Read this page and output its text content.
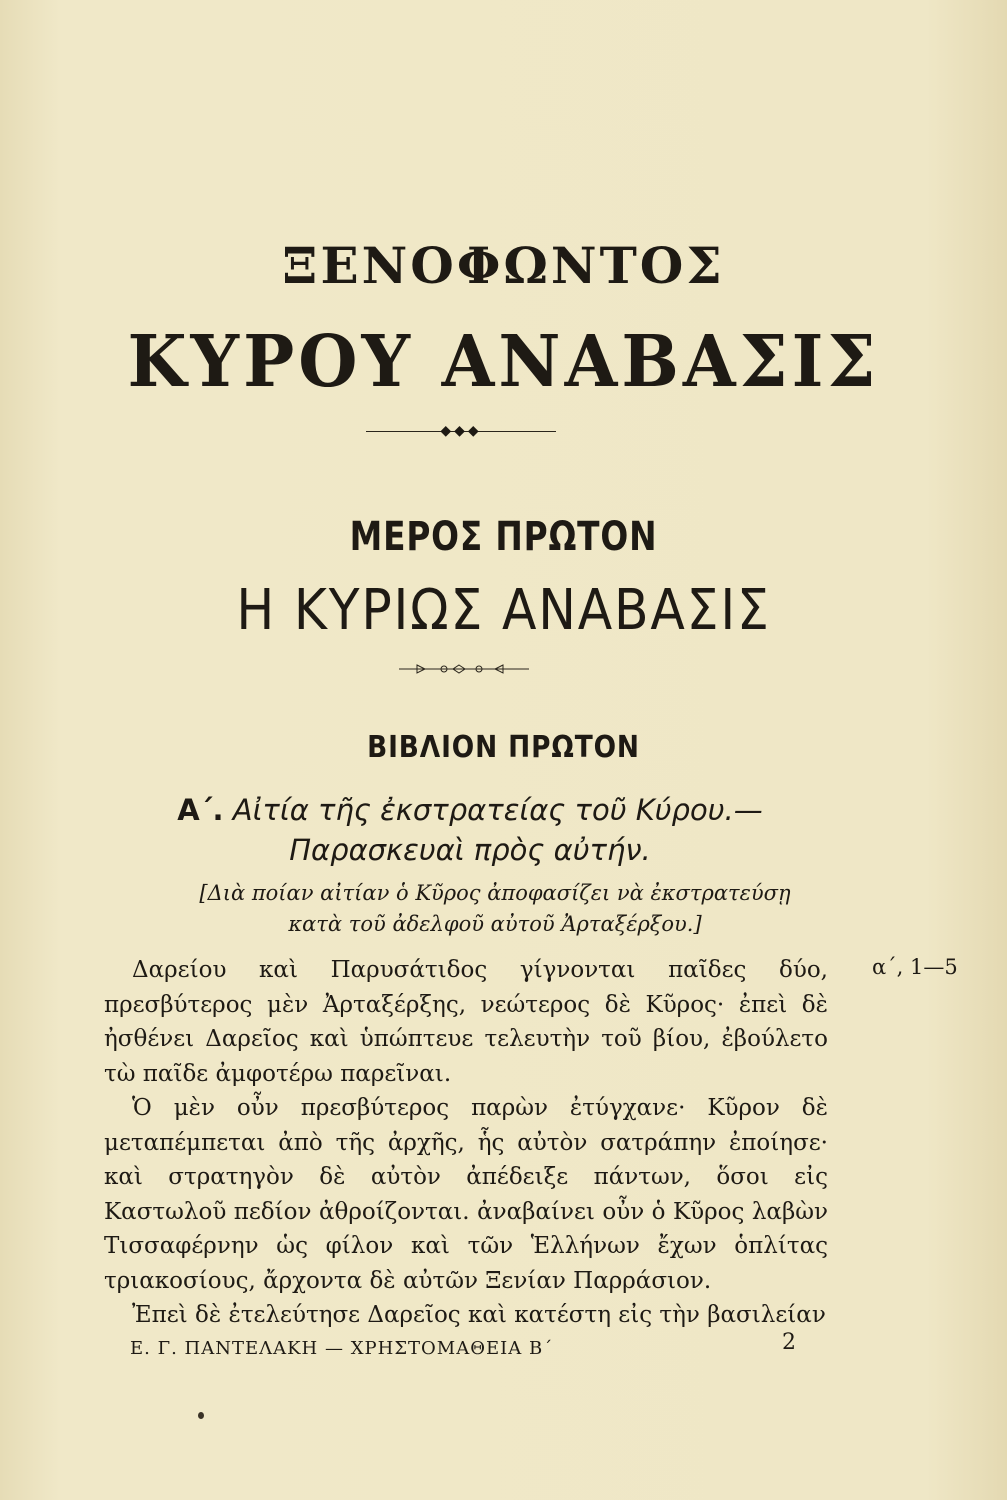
ΞΕΝΟΦΩΝΤΟΣ
ΚΥΡΟΥ ΑΝΑΒΑΣΙΣ
◆◆◆
ΜΕΡΟΣ ΠΡΩΤΟΝ
Η ΚΥΡΙΩΣ ΑΝΑΒΑΣΙΣ
ΒΙΒΛΙΟΝ ΠΡΩΤΟΝ
Α΄. Αἰτία τῆς ἐκστρατείας τοῦ Κύρου.— Παρασκευαὶ πρὸς αὐτήν.
[Διὰ ποίαν αἰτίαν ὁ Κῦρος ἀποφασίζει νὰ ἐκστρατεύσῃ κατὰ τοῦ ἀδελφοῦ αὐτοῦ Ἀρταξέρξου.]

Δαρείου καὶ Παρυσάτιδος γίγνονται παῖδες δύο, πρεσβύτερος μὲν Ἀρταξέρξης, νεώτερος δὲ Κῦρος· ἐπεὶ δὲ ἠσθένει Δαρεῖος καὶ ὑπώπτευε τελευτὴν τοῦ βίου, ἐβούλετο τὼ παῖδε ἀμφοτέρω παρεῖναι.

Ὁ μὲν οὖν πρεσβύτερος παρὼν ἐτύγχανε· Κῦρον δὲ μεταπέμπεται ἀπὸ τῆς ἀρχῆς, ἧς αὐτὸν σατράπην ἐποίησε· καὶ στρατηγὸν δὲ αὐτὸν ἀπέδειξε πάντων, ὅσοι εἰς Καστωλοῦ πεδίον ἀθροίζονται. ἀναβαίνει οὖν ὁ Κῦρος λαβὼν Τισσαφέρνην ὡς φίλον καὶ τῶν Ἑλλήνων ἔχων ὁπλίτας τριακοσίους, ἄρχοντα δὲ αὐτῶν Ξενίαν Παρράσιον.

Ἐπεὶ δὲ ἐτελεύτησε Δαρεῖος καὶ κατέστη εἰς τὴν βασιλείαν

α΄, 1—5
Ε. Γ. ΠΑΝΤΕΛΑΚΗ — ΧΡΗΣΤΟΜΑΘΕΙΑ Β΄	2
